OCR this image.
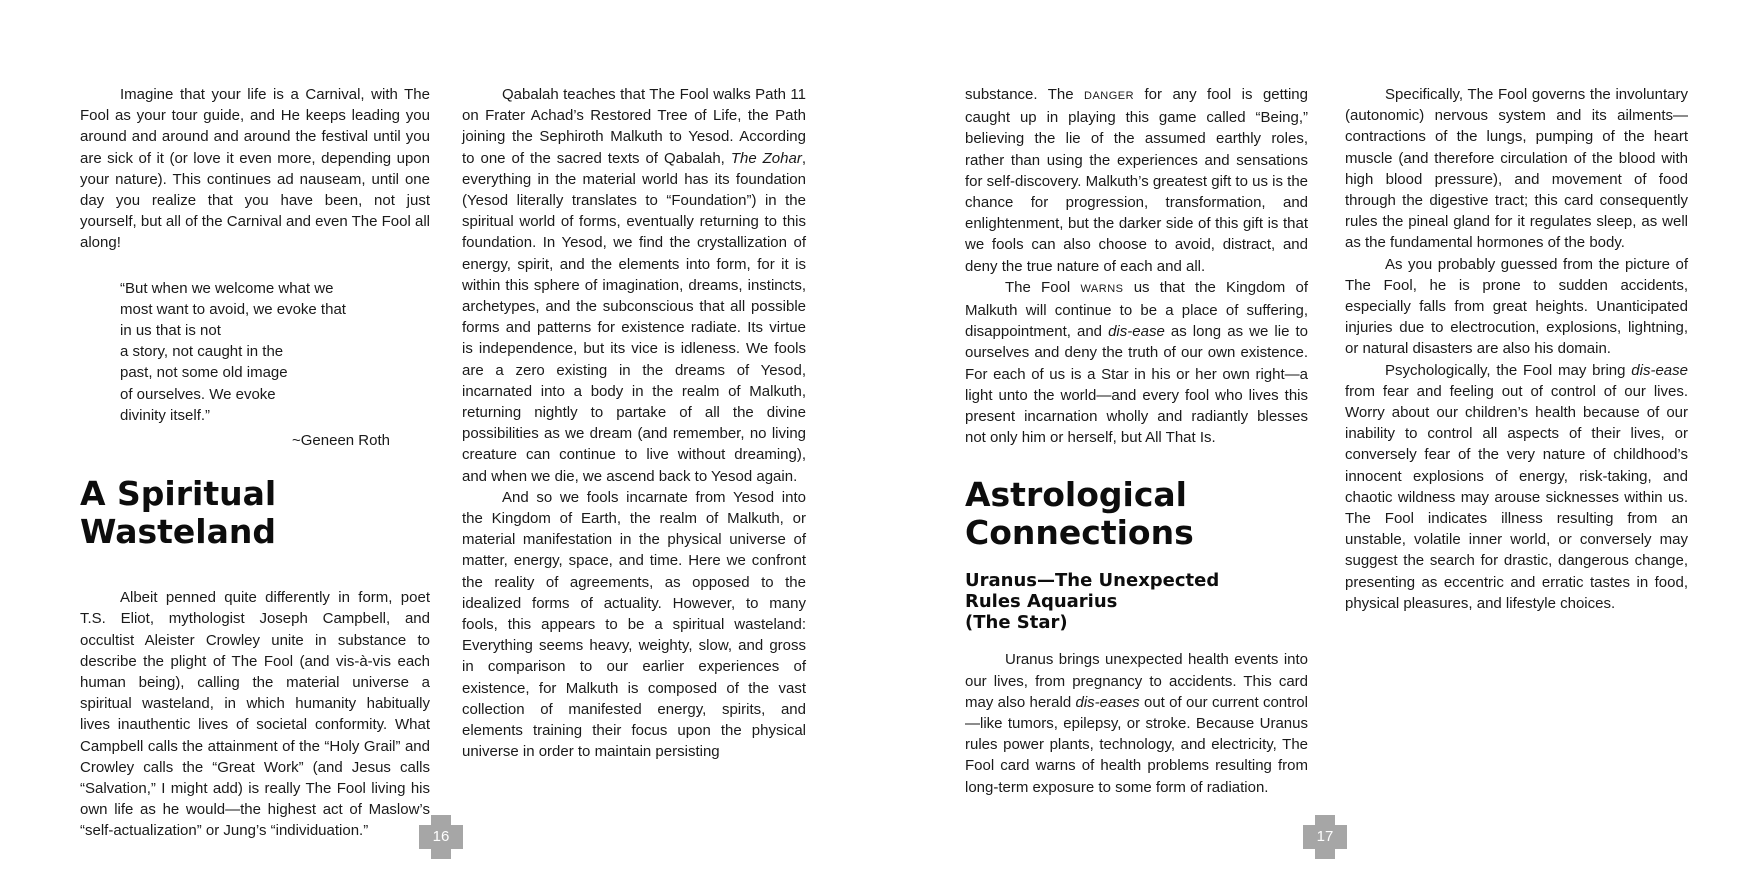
Imagine that your life is a Carnival, with The Fool as your tour guide, and He keeps leading you around and around and around the festival until you are sick of it (or love it even more, depending upon your nature). This continues ad nauseam, until one day you realize that you have been, not just yourself, but all of the Carnival and even The Fool all along!

“But when we welcome what we
most want to avoid, we evoke that
in us that is not
a story, not caught in the
past, not some old image
of ourselves. We evoke
divinity itself.”
~Geneen Roth
A Spiritual
Wasteland

Albeit penned quite differently in form, poet T.S. Eliot, mythologist Joseph Campbell, and occultist Aleister Crowley unite in substance to describe the plight of The Fool (and vis-à-vis each human being), calling the material universe a spiritual wasteland, in which humanity habitually lives inauthentic lives of societal conformity. What Campbell calls the attainment of the “Holy Grail” and Crowley calls the “Great Work” (and Jesus calls “Salvation,” I might add) is really The Fool living his own life as he would—the highest act of Maslow’s “self-actualization” or Jung’s “individuation.”

Qabalah teaches that The Fool walks Path 11 on Frater Achad’s Restored Tree of Life, the Path joining the Sephiroth Malkuth to Yesod. According to one of the sacred texts of Qabalah, The Zohar, everything in the material world has its foundation (Yesod literally translates to “Foundation”) in the spiritual world of forms, eventually returning to this foundation. In Yesod, we find the crystallization of energy, spirit, and the elements into form, for it is within this sphere of imagination, dreams, instincts, archetypes, and the subconscious that all possible forms and patterns for existence radiate. Its virtue is independence, but its vice is idleness. We fools are a zero existing in the dreams of Yesod, incarnated into a body in the realm of Malkuth, returning nightly to partake of all the divine possibilities as we dream (and remember, no living creature can continue to live without dreaming), and when we die, we ascend back to Yesod again.

And so we fools incarnate from Yesod into the Kingdom of Earth, the realm of Malkuth, or material manifestation in the physical universe of matter, energy, space, and time. Here we confront the reality of agreements, as opposed to the idealized forms of actuality. However, to many fools, this appears to be a spiritual wasteland: Everything seems heavy, weighty, slow, and gross in comparison to our earlier experiences of existence, for Malkuth is composed of the vast collection of manifested energy, spirits, and elements training their focus upon the physical universe in order to maintain persisting

16

substance. The DANGER for any fool is getting caught up in playing this game called “Being,” believing the lie of the assumed earthly roles, rather than using the experiences and sensations for self-discovery. Malkuth’s greatest gift to us is the chance for progression, transformation, and enlightenment, but the darker side of this gift is that we fools can also choose to avoid, distract, and deny the true nature of each and all.

The Fool WARNS us that the Kingdom of Malkuth will continue to be a place of suffering, disappointment, and dis-ease as long as we lie to ourselves and deny the truth of our own existence. For each of us is a Star in his or her own right—a light unto the world—and every fool who lives this present incarnation wholly and radiantly blesses not only him or herself, but All That Is.

Astrological
Connections
Uranus—The Unexpected
Rules Aquarius
(The Star)

Uranus brings unexpected health events into our lives, from pregnancy to accidents. This card may also herald dis-eases out of our current control—like tumors, epilepsy, or stroke. Because Uranus rules power plants, technology, and electricity, The Fool card warns of health problems resulting from long-term exposure to some form of radiation.

Specifically, The Fool governs the involuntary (autonomic) nervous system and its ailments—contractions of the lungs, pumping of the heart muscle (and therefore circulation of the blood with high blood pressure), and movement of food through the digestive tract; this card consequently rules the pineal gland for it regulates sleep, as well as the fundamental hormones of the body.

As you probably guessed from the picture of The Fool, he is prone to sudden accidents, especially falls from great heights. Unanticipated injuries due to electrocution, explosions, lightning, or natural disasters are also his domain.

Psychologically, the Fool may bring dis-ease from fear and feeling out of control of our lives. Worry about our children’s health because of our inability to control all aspects of their lives, or conversely fear of the very nature of childhood’s innocent explosions of energy, risk-taking, and chaotic wildness may arouse sicknesses within us. The Fool indicates illness resulting from an unstable, volatile inner world, or conversely may suggest the search for drastic, dangerous change, presenting as eccentric and erratic tastes in food, physical pleasures, and lifestyle choices.

17
